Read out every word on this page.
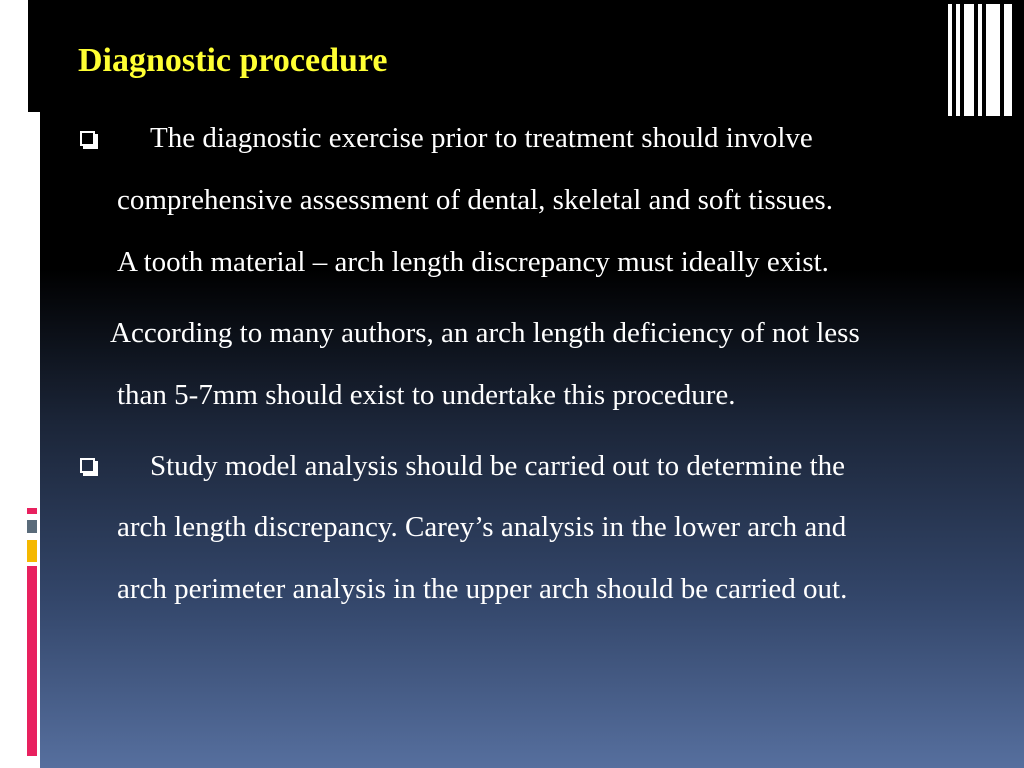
Diagnostic procedure
The diagnostic exercise prior to treatment should involve
comprehensive assessment of dental, skeletal and soft tissues.
A tooth material – arch length discrepancy must ideally exist.
According to many authors, an arch length deficiency of not less
than 5-7mm should exist to undertake this procedure.
Study model analysis should be carried out to determine the
arch length discrepancy. Carey’s analysis in the lower arch and
arch perimeter analysis in the upper arch should be carried out.
